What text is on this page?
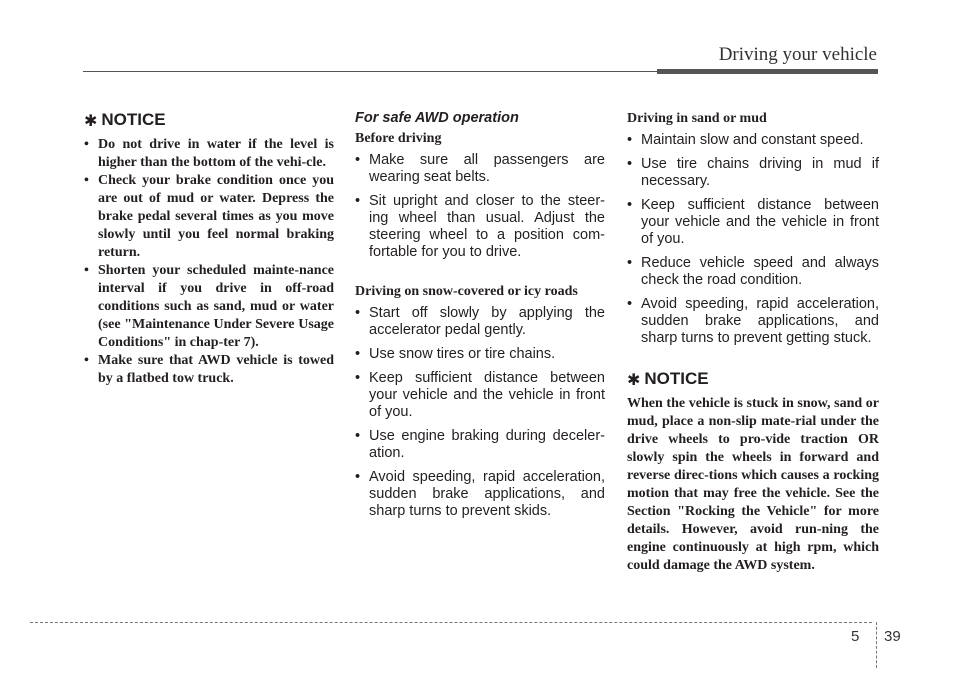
Driving your vehicle
✱ NOTICE
• Do not drive in water if the level is higher than the bottom of the vehi-cle.
• Check your brake condition once you are out of mud or water. Depress the brake pedal several times as you move slowly until you feel normal braking return.
• Shorten your scheduled mainte-nance interval if you drive in off-road conditions such as sand, mud or water (see "Maintenance Under Severe Usage Conditions" in chap-ter 7).
• Make sure that AWD vehicle is towed by a flatbed tow truck.
For safe AWD operation
Before driving
• Make sure all passengers are wearing seat belts.
• Sit upright and closer to the steer-ing wheel than usual. Adjust the steering wheel to a position com-fortable for you to drive.
Driving on snow-covered or icy roads
• Start off slowly by applying the accelerator pedal gently.
• Use snow tires or tire chains.
• Keep sufficient distance between your vehicle and the vehicle in front of you.
• Use engine braking during deceler-ation.
• Avoid speeding, rapid acceleration, sudden brake applications, and sharp turns to prevent skids.
Driving in sand or mud
• Maintain slow and constant speed.
• Use tire chains driving in mud if necessary.
• Keep sufficient distance between your vehicle and the vehicle in front of you.
• Reduce vehicle speed and always check the road condition.
• Avoid speeding, rapid acceleration, sudden brake applications, and sharp turns to prevent getting stuck.
✱ NOTICE

When the vehicle is stuck in snow, sand or mud, place a non-slip mate-rial under the drive wheels to pro-vide traction OR slowly spin the wheels in forward and reverse direc-tions which causes a rocking motion that may free the vehicle. See the Section "Rocking the Vehicle" for more details. However, avoid run-ning the engine continuously at high rpm, which could damage the AWD system.

5 39
